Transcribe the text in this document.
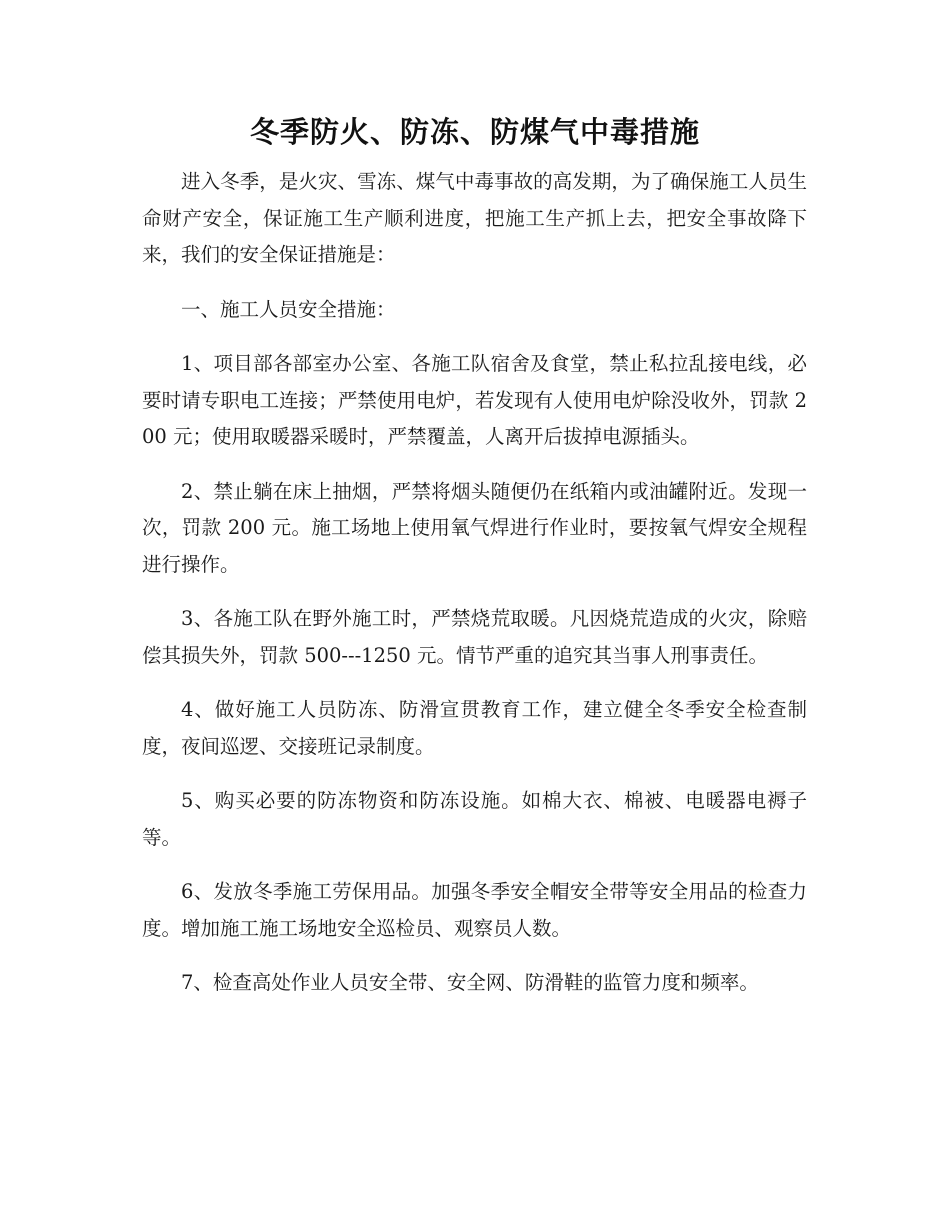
冬季防火、防冻、防煤气中毒措施

进入冬季，是火灾、雪冻、煤气中毒事故的高发期，为了确保施工人员生命财产安全，保证施工生产顺利进度，把施工生产抓上去，把安全事故降下来，我们的安全保证措施是：

一、施工人员安全措施：

1、项目部各部室办公室、各施工队宿舍及食堂，禁止私拉乱接电线，必要时请专职电工连接；严禁使用电炉，若发现有人使用电炉除没收外，罚款 200 元；使用取暖器采暖时，严禁覆盖，人离开后拔掉电源插头。

2、禁止躺在床上抽烟，严禁将烟头随便仍在纸箱内或油罐附近。发现一次，罚款 200 元。施工场地上使用氧气焊进行作业时，要按氧气焊安全规程进行操作。

3、各施工队在野外施工时，严禁烧荒取暖。凡因烧荒造成的火灾，除赔偿其损失外，罚款 500---1250 元。情节严重的追究其当事人刑事责任。

4、做好施工人员防冻、防滑宣贯教育工作，建立健全冬季安全检查制度，夜间巡逻、交接班记录制度。

5、购买必要的防冻物资和防冻设施。如棉大衣、棉被、电暖器电褥子等。

6、发放冬季施工劳保用品。加强冬季安全帽安全带等安全用品的检查力度。增加施工施工场地安全巡检员、观察员人数。

7、检查高处作业人员安全带、安全网、防滑鞋的监管力度和频率。
